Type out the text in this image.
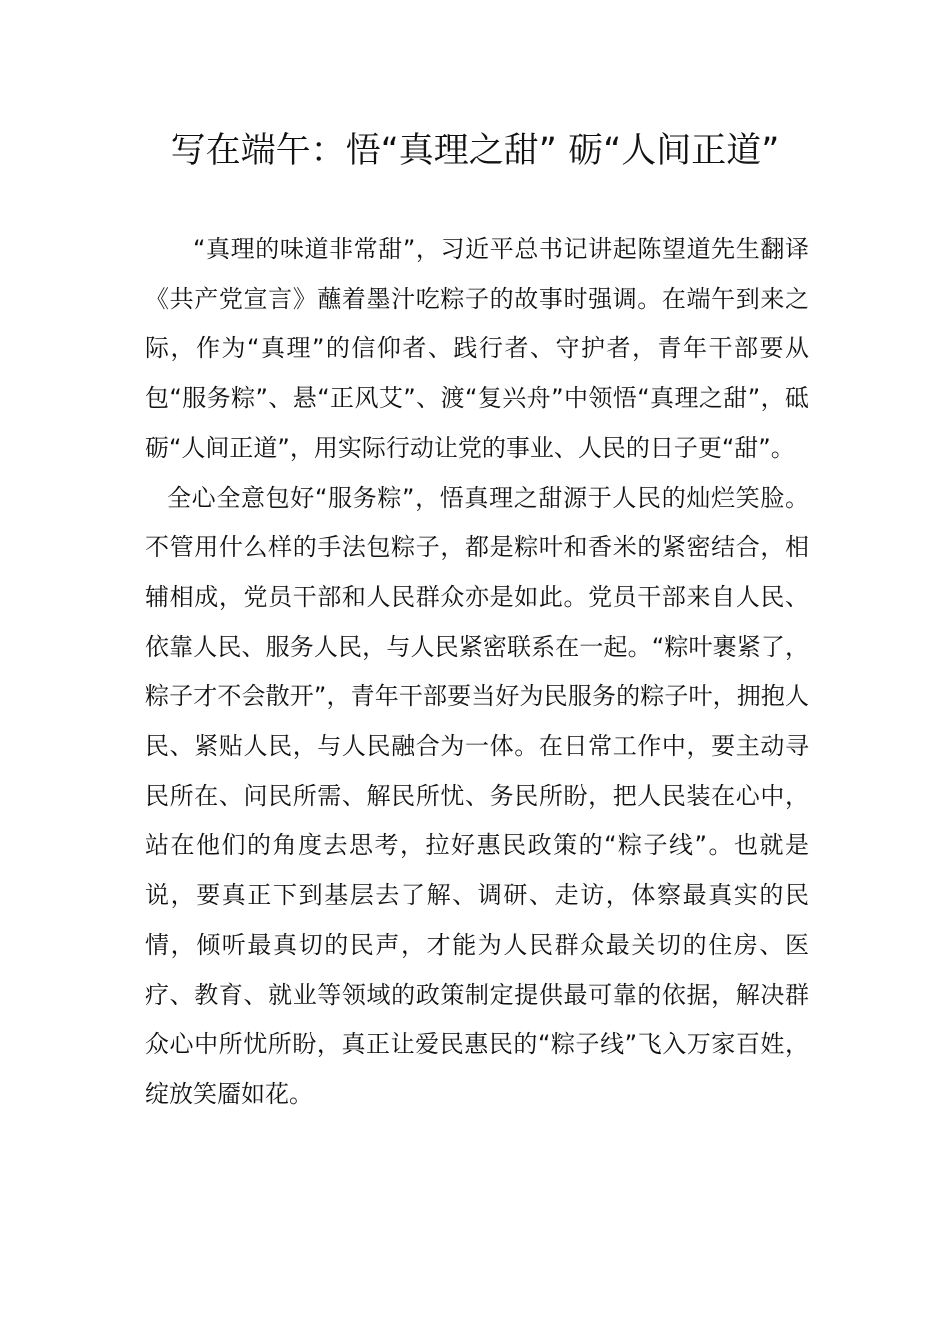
写在端午：悟“真理之甜” 砺“人间正道”

“真理的味道非常甜”，习近平总书记讲起陈望道先生翻译《共产党宣言》蘸着墨汁吃粽子的故事时强调。在端午到来之际，作为“真理”的信仰者、践行者、守护者，青年干部要从包“服务粽”、悬“正风艾”、渡“复兴舟”中领悟“真理之甜”，砥砺“人间正道”，用实际行动让党的事业、人民的日子更“甜”。

全心全意包好“服务粽”，悟真理之甜源于人民的灿烂笑脸。不管用什么样的手法包粽子，都是粽叶和香米的紧密结合，相辅相成，党员干部和人民群众亦是如此。党员干部来自人民、依靠人民、服务人民，与人民紧密联系在一起。“粽叶裹紧了，粽子才不会散开”，青年干部要当好为民服务的粽子叶，拥抱人民、紧贴人民，与人民融合为一体。在日常工作中，要主动寻民所在、问民所需、解民所忧、务民所盼，把人民装在心中，站在他们的角度去思考，拉好惠民政策的“粽子线”。也就是说，要真正下到基层去了解、调研、走访，体察最真实的民情，倾听最真切的民声，才能为人民群众最关切的住房、医疗、教育、就业等领域的政策制定提供最可靠的依据，解决群众心中所忧所盼，真正让爱民惠民的“粽子线”飞入万家百姓，绽放笑靥如花。
